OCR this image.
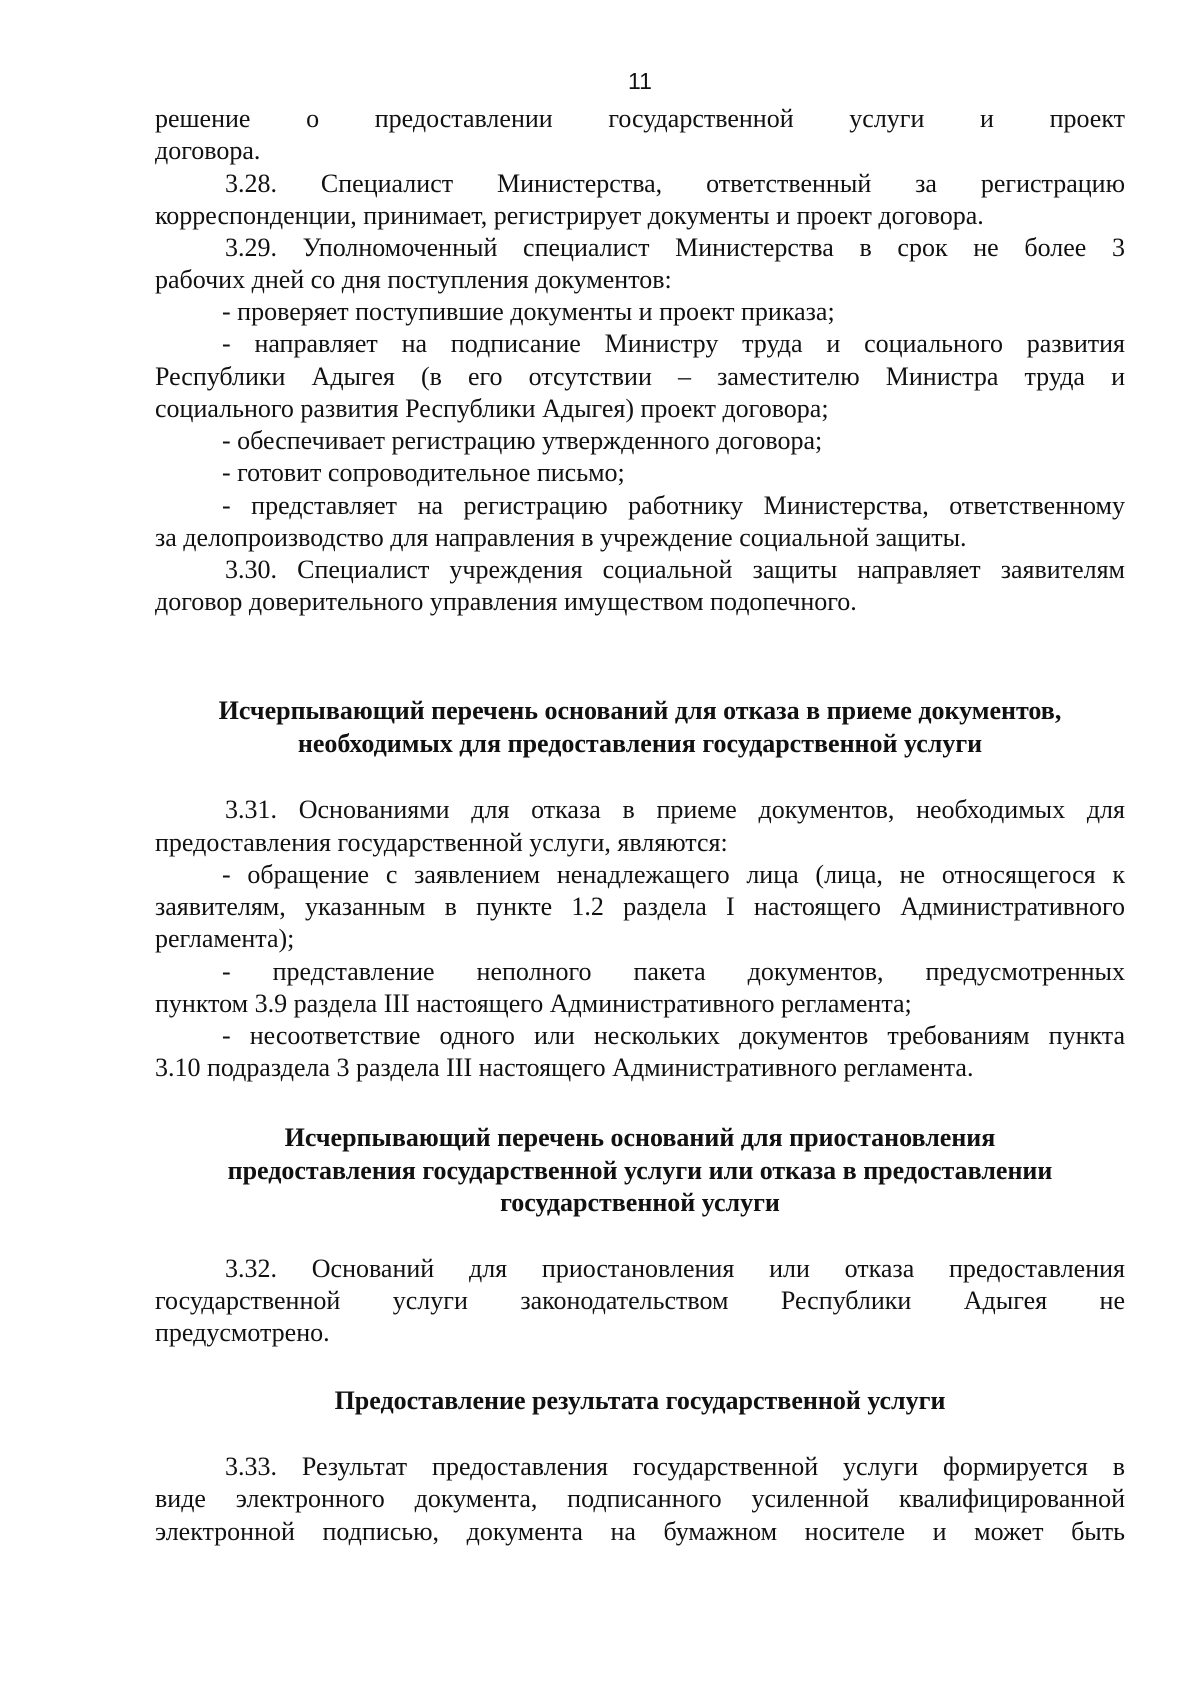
11
решение о предоставлении государственной услуги и проект
договора.
3.28. Специалист Министерства, ответственный за регистрацию
корреспонденции, принимает, регистрирует документы и проект договора.
3.29. Уполномоченный специалист Министерства в срок не более 3
рабочих дней со дня поступления документов:
- проверяет поступившие документы и проект приказа;
- направляет на подписание Министру труда и социального развития
Республики Адыгея (в его отсутствии – заместителю Министра труда и
социального развития Республики Адыгея) проект договора;
- обеспечивает регистрацию утвержденного договора;
- готовит сопроводительное письмо;
- представляет на регистрацию работнику Министерства, ответственному
за делопроизводство для направления в учреждение социальной защиты.
3.30. Специалист учреждения социальной защиты направляет заявителям
договор доверительного управления имуществом подопечного.
Исчерпывающий перечень оснований для отказа в приеме документов,
необходимых для предоставления государственной услуги
3.31. Основаниями для отказа в приеме документов, необходимых для
предоставления государственной услуги, являются:
- обращение с заявлением ненадлежащего лица (лица, не относящегося к
заявителям, указанным в пункте 1.2 раздела I настоящего Административного
регламента);
- представление неполного пакета документов, предусмотренных
пунктом 3.9 раздела III настоящего Административного регламента;
- несоответствие одного или нескольких документов требованиям пункта
3.10 подраздела 3 раздела III настоящего Административного регламента.
Исчерпывающий перечень оснований для приостановления
предоставления государственной услуги или отказа в предоставлении
государственной услуги
3.32. Оснований для приостановления или отказа предоставления
государственной услуги законодательством Республики Адыгея не
предусмотрено.
Предоставление результата государственной услуги
3.33. Результат предоставления государственной услуги формируется в
виде электронного документа, подписанного усиленной квалифицированной
электронной подписью, документа на бумажном носителе и может быть
